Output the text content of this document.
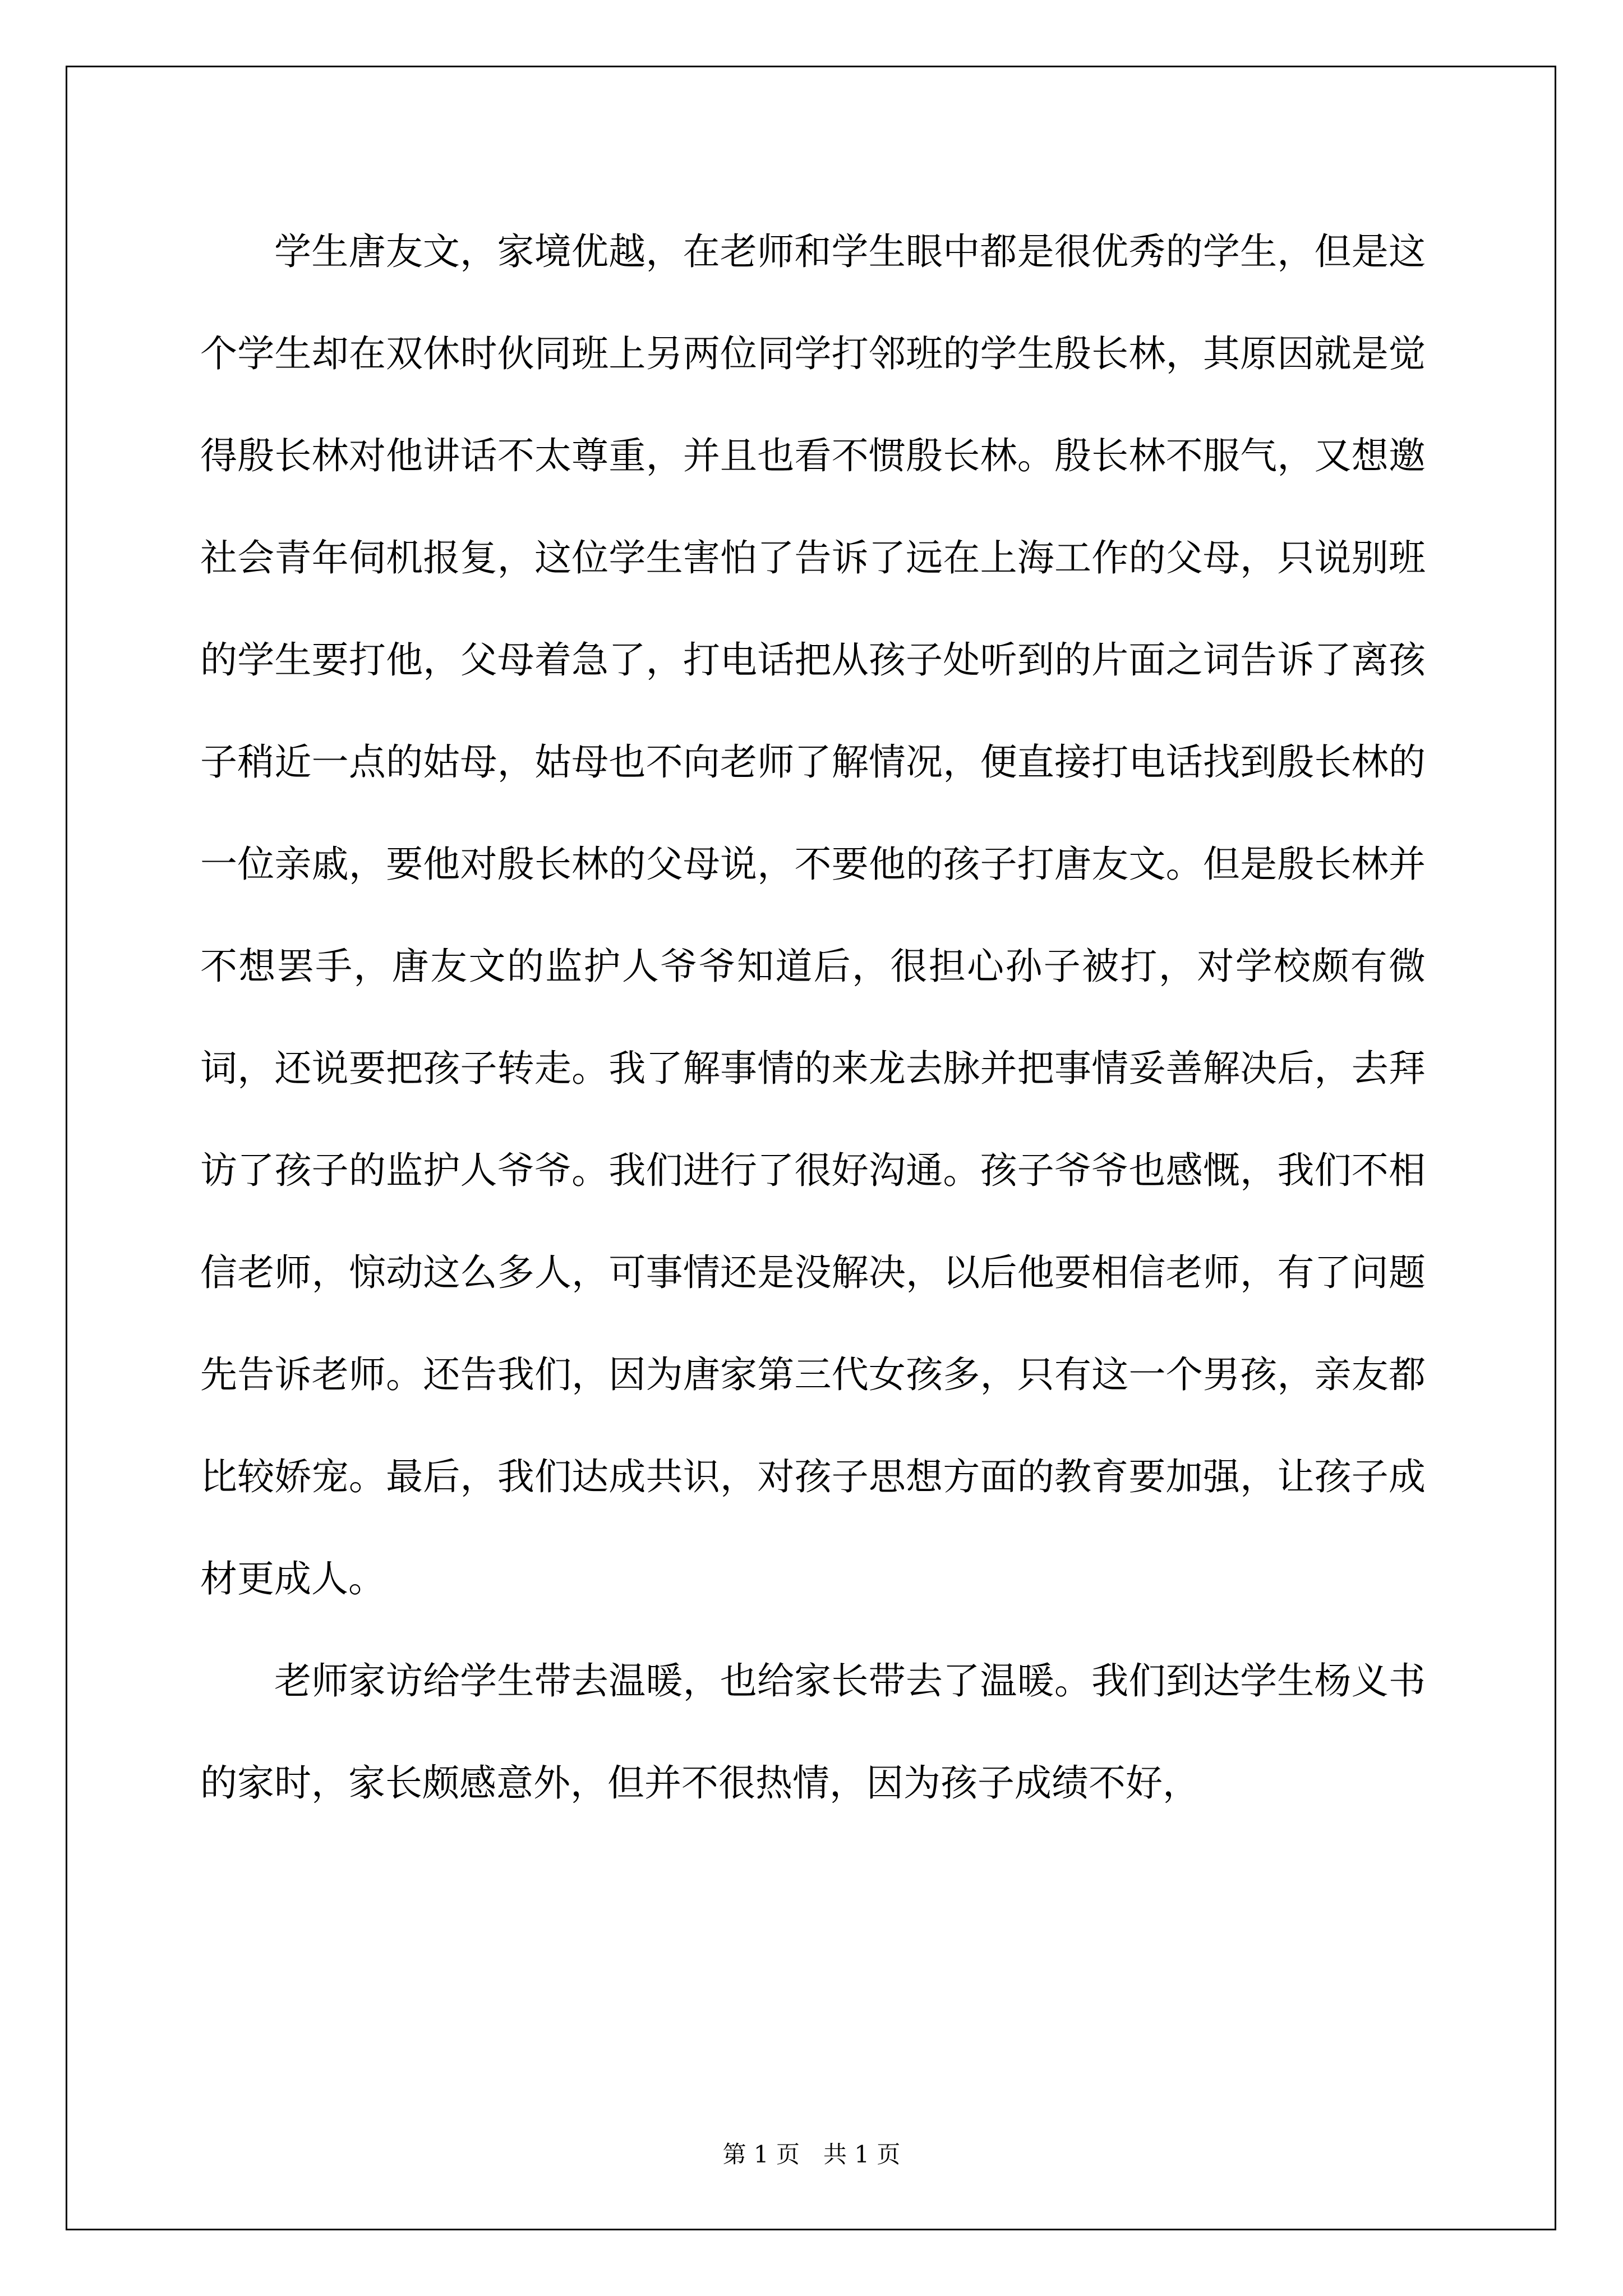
学生唐友文，家境优越，在老师和学生眼中都是很优秀的学生，但是这个学生却在双休时伙同班上另两位同学打邻班的学生殷长林，其原因就是觉得殷长林对他讲话不太尊重，并且也看不惯殷长林。殷长林不服气，又想邀社会青年伺机报复，这位学生害怕了告诉了远在上海工作的父母，只说别班的学生要打他，父母着急了，打电话把从孩子处听到的片面之词告诉了离孩子稍近一点的姑母，姑母也不向老师了解情况，便直接打电话找到殷长林的一位亲戚，要他对殷长林的父母说，不要他的孩子打唐友文。但是殷长林并不想罢手，唐友文的监护人爷爷知道后，很担心孙子被打，对学校颇有微词，还说要把孩子转走。我了解事情的来龙去脉并把事情妥善解决后，去拜访了孩子的监护人爷爷。我们进行了很好沟通。孩子爷爷也感慨，我们不相信老师，惊动这么多人，可事情还是没解决，以后他要相信老师，有了问题先告诉老师。还告我们，因为唐家第三代女孩多，只有这一个男孩，亲友都比较娇宠。最后，我们达成共识，对孩子思想方面的教育要加强，让孩子成材更成人。

老师家访给学生带去温暖，也给家长带去了温暖。我们到达学生杨义书的家时，家长颇感意外，但并不很热情，因为孩子成绩不好，

第 1 页　共 1 页
